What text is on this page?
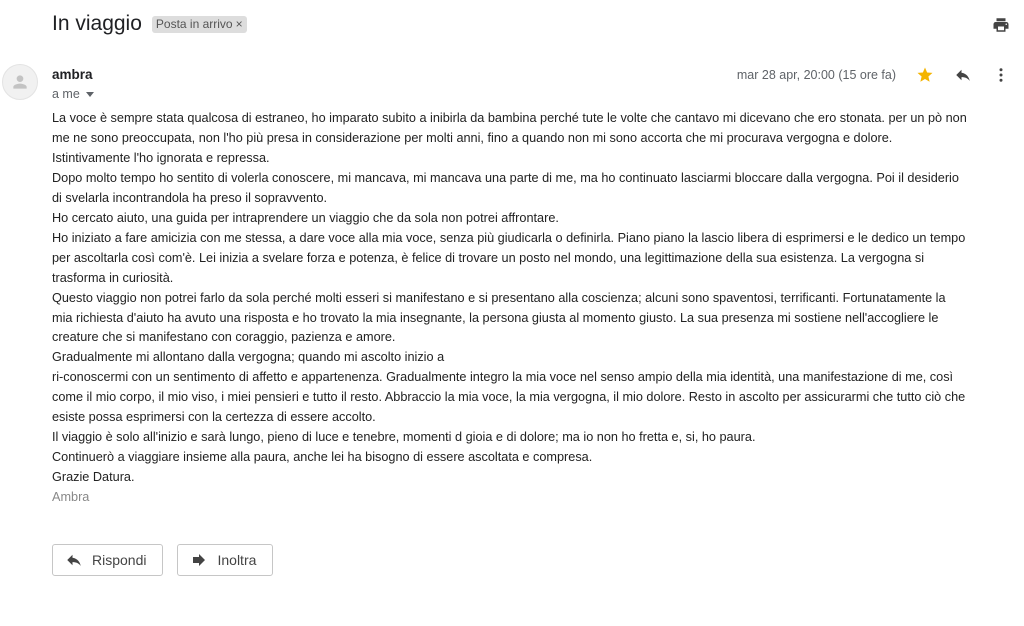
In viaggio Posta in arrivo ×
ambra
a me
mar 28 apr, 20:00 (15 ore fa)

La voce è sempre stata qualcosa di estraneo, ho imparato subito a inibirla da bambina perché tute le volte che cantavo mi dicevano che ero stonata. per un pò non

me ne sono preoccupata, non l'ho più presa in considerazione per molti anni, fino a quando non mi sono accorta che mi procurava vergogna e dolore.

Istintivamente l'ho ignorata e repressa.

Dopo molto tempo ho sentito di volerla conoscere, mi mancava, mi mancava una parte di me, ma ho continuato lasciarmi bloccare dalla vergogna. Poi il desiderio

di svelarla incontrandola ha preso il sopravvento.

Ho cercato aiuto, una guida per intraprendere un viaggio che da sola non potrei affrontare.

Ho iniziato a fare amicizia con me stessa, a dare voce alla mia voce, senza più giudicarla o definirla. Piano piano la lascio libera di esprimersi e le dedico un tempo

per ascoltarla così com'è. Lei inizia a svelare forza e potenza, è felice di trovare un posto nel mondo, una legittimazione della sua esistenza. La vergogna si

trasforma in curiosità.

Questo viaggio non potrei farlo da sola perché molti esseri si manifestano e si presentano alla coscienza; alcuni sono spaventosi, terrificanti. Fortunatamente la

mia richiesta d'aiuto ha avuto una risposta e ho trovato la mia insegnante, la persona giusta al momento giusto. La sua presenza mi sostiene nell'accogliere le

creature che si manifestano con coraggio, pazienza e amore.

Gradualmente mi allontano dalla vergogna; quando mi ascolto inizio a

ri-conoscermi con un sentimento di affetto e appartenenza. Gradualmente integro la mia voce nel senso ampio della mia identità, una manifestazione di me, così

come il mio corpo, il mio viso, i miei pensieri e tutto il resto. Abbraccio la mia voce, la mia vergogna, il mio dolore. Resto in ascolto per assicurarmi che tutto ciò che

esiste possa esprimersi con la certezza di essere accolto.

Il viaggio è solo all'inizio e sarà lungo, pieno di luce e tenebre, momenti d gioia e di dolore; ma io non ho fretta e, si, ho paura.

Continuerò a viaggiare insieme alla paura, anche lei ha bisogno di essere ascoltata e compresa.

Grazie Datura.

Ambra

Rispondi	Inoltra
